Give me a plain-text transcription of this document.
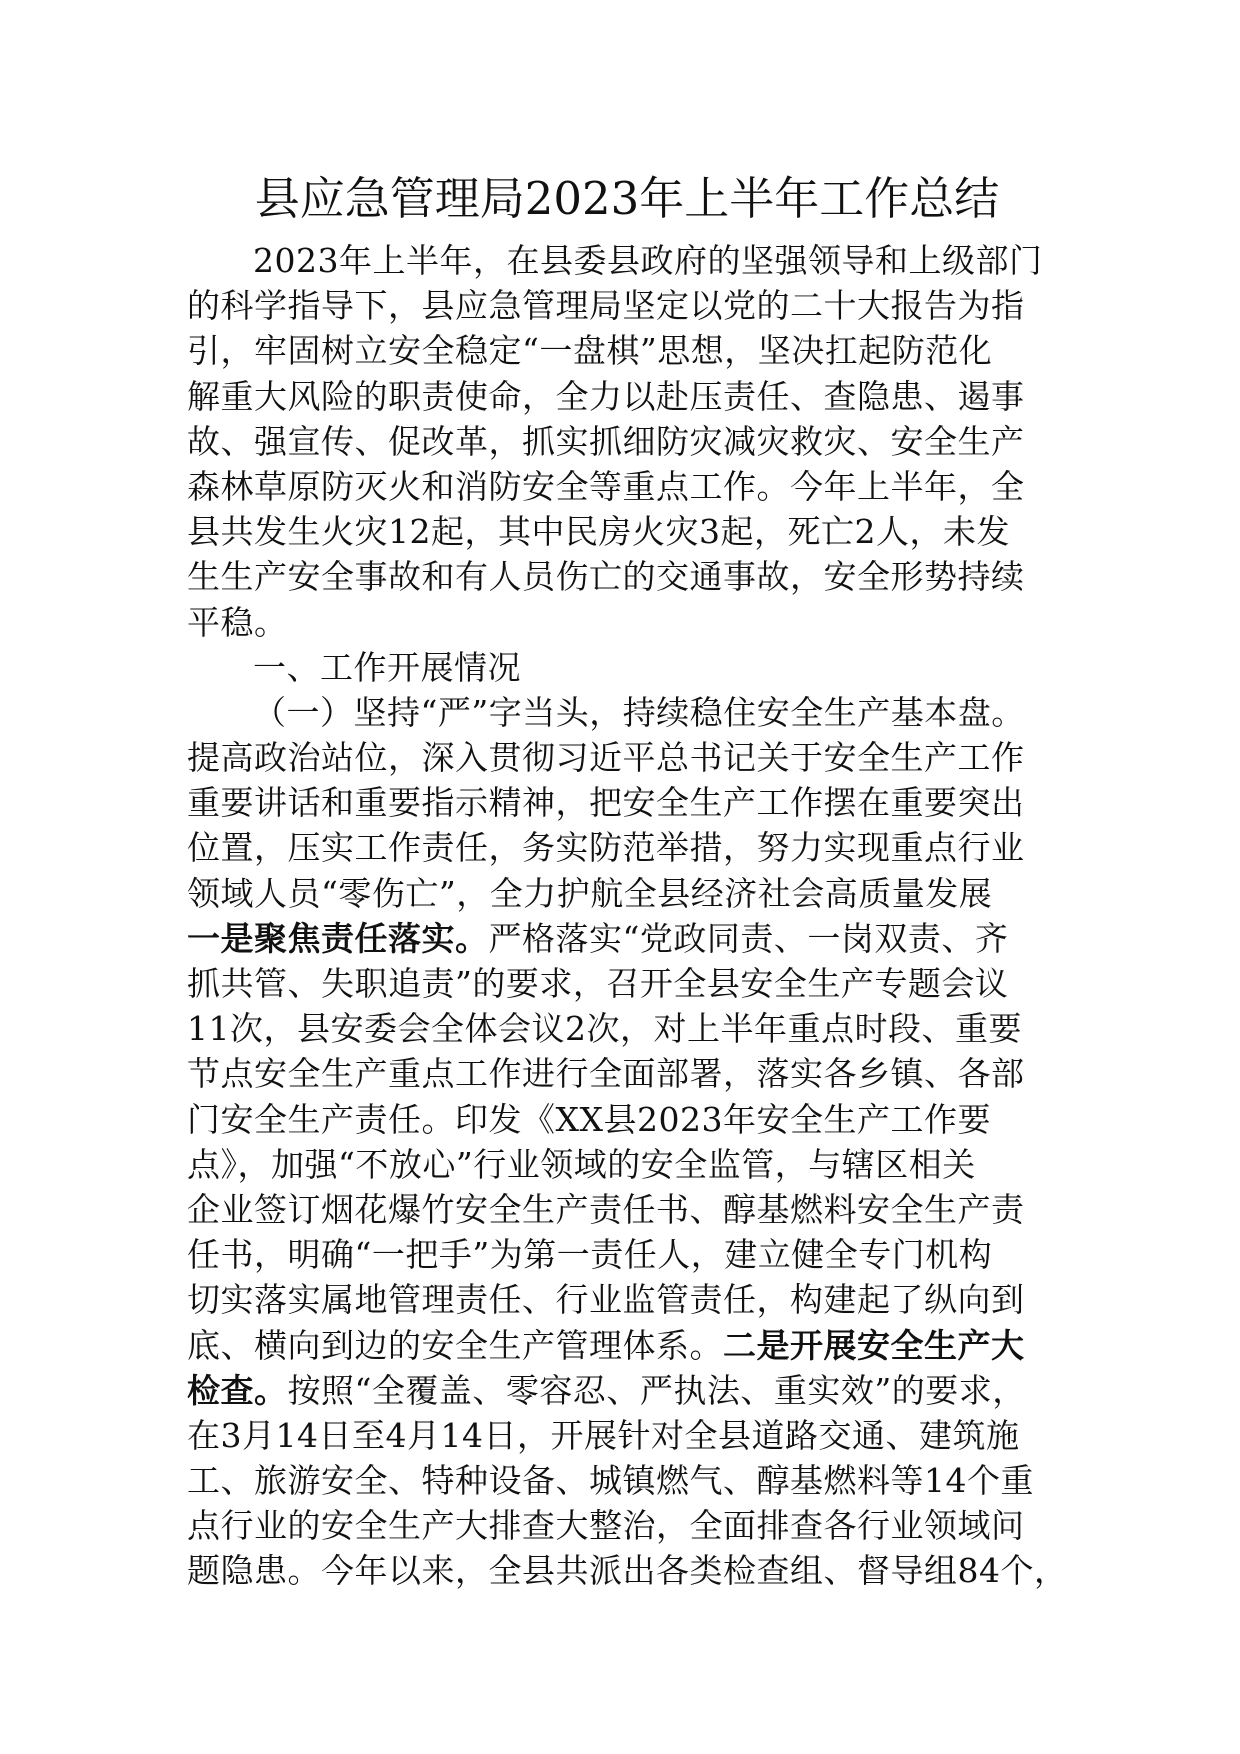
县应急管理局2023年上半年工作总结
2023年上半年，在县委县政府的坚强领导和上级部门
的科学指导下，县应急管理局坚定以党的二十大报告为指
引，牢固树立安全稳定“一盘棋”思想，坚决扛起防范化
解重大风险的职责使命，全力以赴压责任、查隐患、遏事
故、强宣传、促改革，抓实抓细防灾减灾救灾、安全生产
森林草原防灭火和消防安全等重点工作。今年上半年，全
县共发生火灾12起，其中民房火灾3起，死亡2人，未发
生生产安全事故和有人员伤亡的交通事故，安全形势持续
平稳。
一、工作开展情况
（一）坚持“严”字当头，持续稳住安全生产基本盘。
提高政治站位，深入贯彻习近平总书记关于安全生产工作
重要讲话和重要指示精神，把安全生产工作摆在重要突出
位置，压实工作责任，务实防范举措，努力实现重点行业
领域人员“零伤亡”，全力护航全县经济社会高质量发展
一是聚焦责任落实。严格落实“党政同责、一岗双责、齐
抓共管、失职追责”的要求，召开全县安全生产专题会议
11次，县安委会全体会议2次，对上半年重点时段、重要
节点安全生产重点工作进行全面部署，落实各乡镇、各部
门安全生产责任。印发《XX县2023年安全生产工作要
点》，加强“不放心”行业领域的安全监管，与辖区相关
企业签订烟花爆竹安全生产责任书、醇基燃料安全生产责
任书，明确“一把手”为第一责任人，建立健全专门机构
切实落实属地管理责任、行业监管责任，构建起了纵向到
底、横向到边的安全生产管理体系。二是开展安全生产大
检查。按照“全覆盖、零容忍、严执法、重实效”的要求，
在3月14日至4月14日，开展针对全县道路交通、建筑施
工、旅游安全、特种设备、城镇燃气、醇基燃料等14个重
点行业的安全生产大排查大整治，全面排查各行业领域问
题隐患。今年以来，全县共派出各类检查组、督导组84个，
